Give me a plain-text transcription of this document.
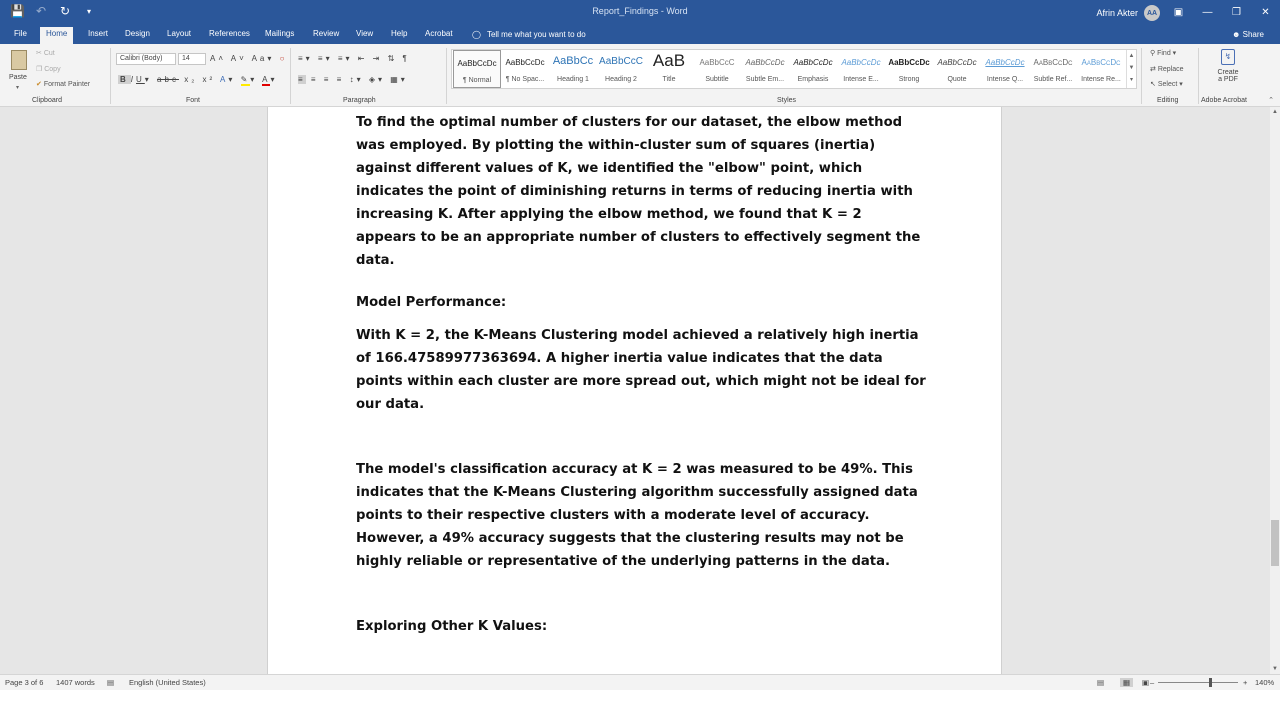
💾 ↶ ↻	▾	Report_Findings - Word	Afrin Akter	AA	▣	—	❐	✕
File	Home	Insert	Design	Layout	References	Mailings	Review	View	Help	Acrobat	◯ Tell me what you want to do	☻ Share
Paste
▾
✂ Cut
❐ Copy
✔ Format Painter
Clipboard
Calibri (Body)	14	A˄ A˅ Aa▾ ○
B IU▾ abc x₂ x² A▾ ✎▾ A▾
Font
≡▾ ≡▾ ≡▾ ⇤ ⇥ ⇅ ¶
≡ ≡ ≡ ≡ ↕▾ ◈▾ ▦▾
Paragraph
AaBbCcDc
¶ Normal
AaBbCcDc
¶ No Spac...
AaBbCc
Heading 1
AaBbCcC
Heading 2
AaB
Title
AaBbCcC
Subtitle
AaBbCcDc
Subtle Em...
AaBbCcDc
Emphasis
AaBbCcDc
Intense E...
AaBbCcDc
Strong
AaBbCcDc
Quote
AaBbCcDc
Intense Q...
AaBbCcDc
Subtle Ref...
AaBbCcDc
Intense Re...
▲
▼
▾
Styles
⚲ Find ▾
⇄ Replace
↖ Select ▾
Editing
↯
Create
a PDF
Adobe Acrobat	⌃
To find the optimal number of clusters for our dataset, the elbow method was employed. By plotting the within-cluster sum of squares (inertia) against different values of K, we identified the "elbow" point, which indicates the point of diminishing returns in terms of reducing inertia with increasing K. After applying the elbow method, we found that K = 2 appears to be an appropriate number of clusters to effectively segment the data.
Model Performance:
With K = 2, the K-Means Clustering model achieved a relatively high inertia of 166.47589977363694. A higher inertia value indicates that the data points within each cluster are more spread out, which might not be ideal for our data.
The model's classification accuracy at K = 2 was measured to be 49%. This indicates that the K-Means Clustering algorithm successfully assigned data points to their respective clusters with a moderate level of accuracy. However, a 49% accuracy suggests that the clustering results may not be highly reliable or representative of the underlying patterns in the data.
Exploring Other K Values:
▲
▼
Page 3 of 6 1407 words ▤ English (United States)	▤	▦	▣ –	+ 140%
